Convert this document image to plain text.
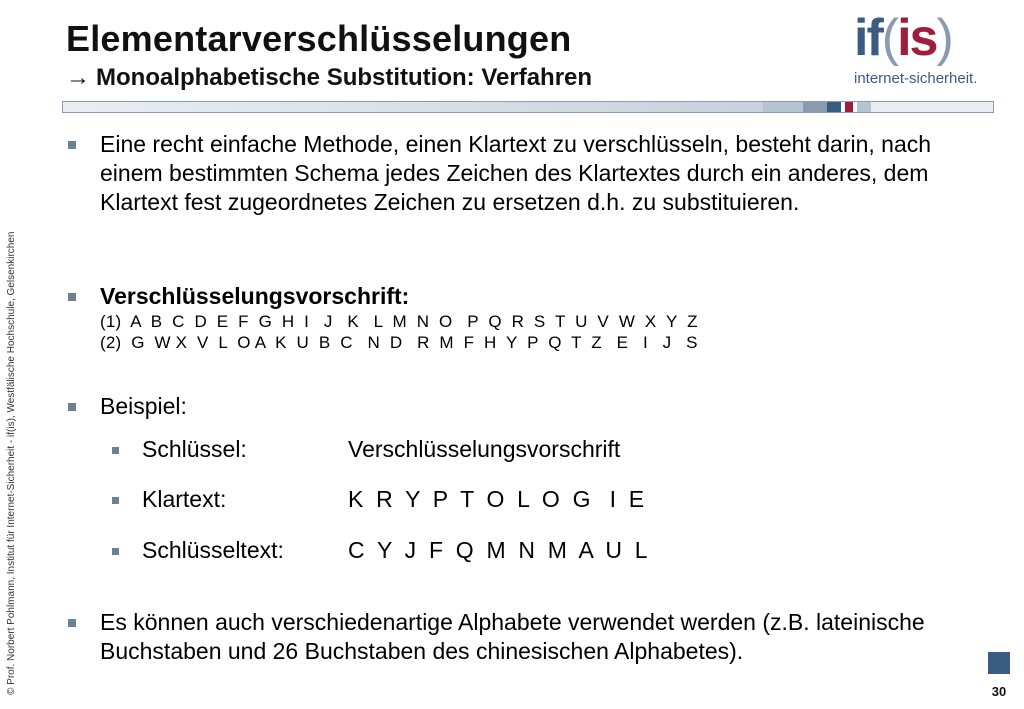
Elementarverschlüsselungen
→ Monoalphabetische Substitution: Verfahren
if(is)
internet-sicherheit.
© Prof. Norbert Pohlmann, Institut für Internet-Sicherheit - if(is), Westfälische Hochschule, Gelsenkirchen
Eine recht einfache Methode, einen Klartext zu verschlüsseln, besteht darin, nach einem bestimmten Schema jedes Zeichen des Klartextes durch ein anderes, dem Klartext fest zugeordnetes Zeichen zu ersetzen d.h. zu substituieren.
Verschlüsselungsvorschrift:
(1)  A  B  C  D  E  F  G  H  I   J   K   L  M  N  O   P  Q  R  S  T  U  V  W  X  Y  Z
(2)  G  W X  V  L  O A  K  U  B  C   N  D   R  M  F  H  Y  P  Q  T  Z   E   I   J   S
Beispiel:
Schlüssel:	Verschlüsselungsvorschrift
Klartext:	K  R  Y  P  T  O  L  O  G   I  E
Schlüsseltext:	C  Y  J  F  Q  M  N  M  A  U  L
Es können auch verschiedenartige Alphabete verwendet werden (z.B. lateinische Buchstaben und 26 Buchstaben des chinesischen Alphabetes).
30
